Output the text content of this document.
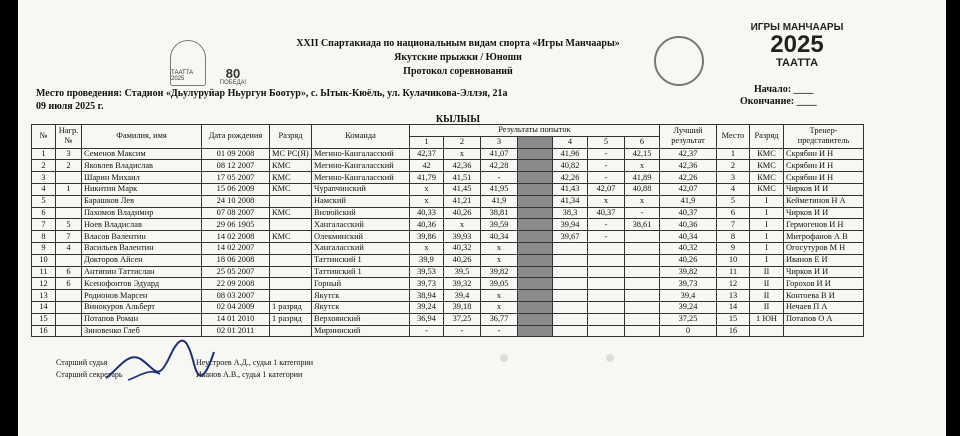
ТААТТА 2025	80
ПОБЕДА!
ИГРЫ МАНЧААРЫ
2025
ТААТТА
XXII Спартакиада по национальным видам спорта «Игры Манчаары»
Якутские прыжки / Юноши
Протокол соревнований
Место проведения: Стадион «Дьулуруйар Ньургун Боотур», с. Ытык-Кюёль, ул. Кулачикова-Эллэя, 21а
09 июля 2025 г.
Начало: ____
Окончание: ____
КЫЛЫЫ
№	Нагр. №	Фамилия, имя	Дата рождения	Разряд	Команда	Результаты попыток							Лучший результат	Место	Разряд	Тренер-представитель
						1	2	3		4	5	6				
1	3	Семенов Максим	01 09 2008	МС РС(Я)	Мегино-Кангаласский	42,37	x	41,07		41,96	-	42,15	42,37	1	КМС	Скрябин И Н
2	2	Яковлев Владислав	08 12 2007	КМС	Мегино-Кангаласский	42	42,36	42,28		40,82	-	x	42,36	2	КМС	Скрябин И Н
3		Шарин Михаил	17 05 2007	КМС	Мегино-Кангаласский	41,79	41,51	-		42,26	-	41,89	42,26	3	КМС	Скрябин И Н
4	1	Никитин Марк	15 06 2009	КМС	Чурапчинский	x	41,45	41,95		41,43	42,07	40,88	42,07	4	КМС	Чирков И И
5		Барашков Лев	24 10 2008		Намский	x	41,21	41,9		41,34	x	x	41,9	5	I	Кейметинов Н А
6		Пахомов Владимир	07 08 2007	КМС	Вилюйский	40,33	40,26	38,81		38,3	40,37	-	40,37	6	I	Чирков И И
7	5	Ноев Владислав	29 06 1905		Хангаласский	40,36	x	39,59		39,94	-	38,61	40,36	7	I	Гермогенов И Н
8	7	Власов Валентин	14 02 2008	КМС	Олекминский	39,86	39,93	40,34		39,67	-		40,34	8	I	Митрофанов А В
9	4	Васильев Валентин	14 02 2007		Хангаласский	x	40,32	x					40,32	9	I	Огосутуров М Н
10		Докторов Айсен	18 06 2008		Таттинский 1	39,9	40,26	x					40,26	10	I	Иванов Е И
11	6	Антипин Таттислан	25 05 2007		Таттинский 1	39,53	39,5	39,82					39,82	11	II	Чирков И И
12	6	Ксенофонтов Эдуард	22 09 2008		Горный	39,73	39,32	39,05					39,73	12	II	Горохов И И
13		Родионов Марсен	08 03 2007		Якутск	38,94	39,4	x					39,4	13	II	Контоева В И
14		Винокуров Альберт	02 04 2009	1 разряд	Якутск	39,24	39,18	x					39,24	14	II	Нечаев П А
15		Потапов Роман	14 01 2010	1 разряд	Верхоянский	36,94	37,25	36,77					37,25	15	1 ЮН	Потапов О А
16		Зиновенко Глеб	02 01 2011		Мирнинский	-	-	-					0	16		
Старший судья	Неустроев А.Д., судья 1 категории
Старший секретарь	Иванов А.В., судья 1 категории
